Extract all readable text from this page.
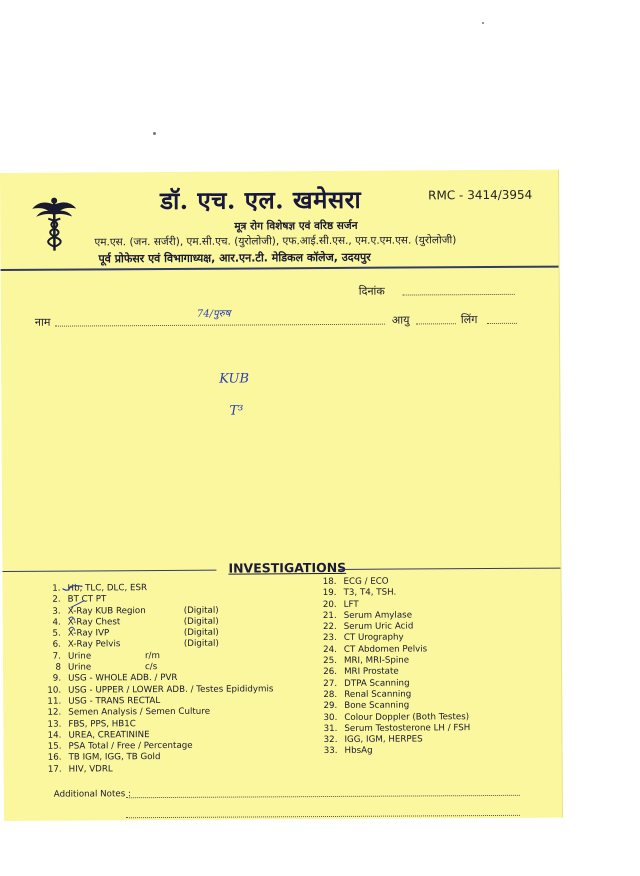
डॉ. एच. एल. खमेसरा	RMC - 3414/3954
मूत्र रोग विशेषज्ञ एवं वरिष्ठ सर्जन
एम.एस. (जन. सर्जरी), एम.सी.एच. (युरोलोजी), एफ.आई.सी.एस., एम.ए.एम.एस. (युरोलोजी)
पूर्व प्रोफेसर एवं विभागाध्यक्ष, आर.एन.टी. मेडिकल कॉलेज, उदयपुर
दिनांक
नाम
74/पुरुष	आयु	लिंग
KUB
T³
INVESTIGATIONS
1. Hb, TLC, DLC, ESR
2. BT CT PT
3. X-Ray KUB Region	(Digital)
4. X-Ray Chest	(Digital)
5. X-Ray IVP	(Digital)
6. X-Ray Pelvis	(Digital)
7. Urine	r/m
8 Urine	c/s
9. USG - WHOLE ADB. / PVR
10. USG - UPPER / LOWER ADB. / Testes Epididymis
11. USG - TRANS RECTAL
12. Semen Analysis / Semen Culture
13. FBS, PPS, HB1C
14. UREA, CREATININE
15. PSA Total / Free / Percentage
16. TB IGM, IGG, TB Gold
17. HIV, VDRL
18. ECG / ECO
19. T3, T4, TSH.
20. LFT
21. Serum Amylase
22. Serum Uric Acid
23. CT Urography
24. CT Abdomen Pelvis
25. MRI, MRI-Spine
26. MRI Prostate
27. DTPA Scanning
28. Renal Scanning
29. Bone Scanning
30. Colour Doppler (Both Testes)
31. Serum Testosterone LH / FSH
32. IGG, IGM, HERPES
33. HbsAg
Additional Notes :
